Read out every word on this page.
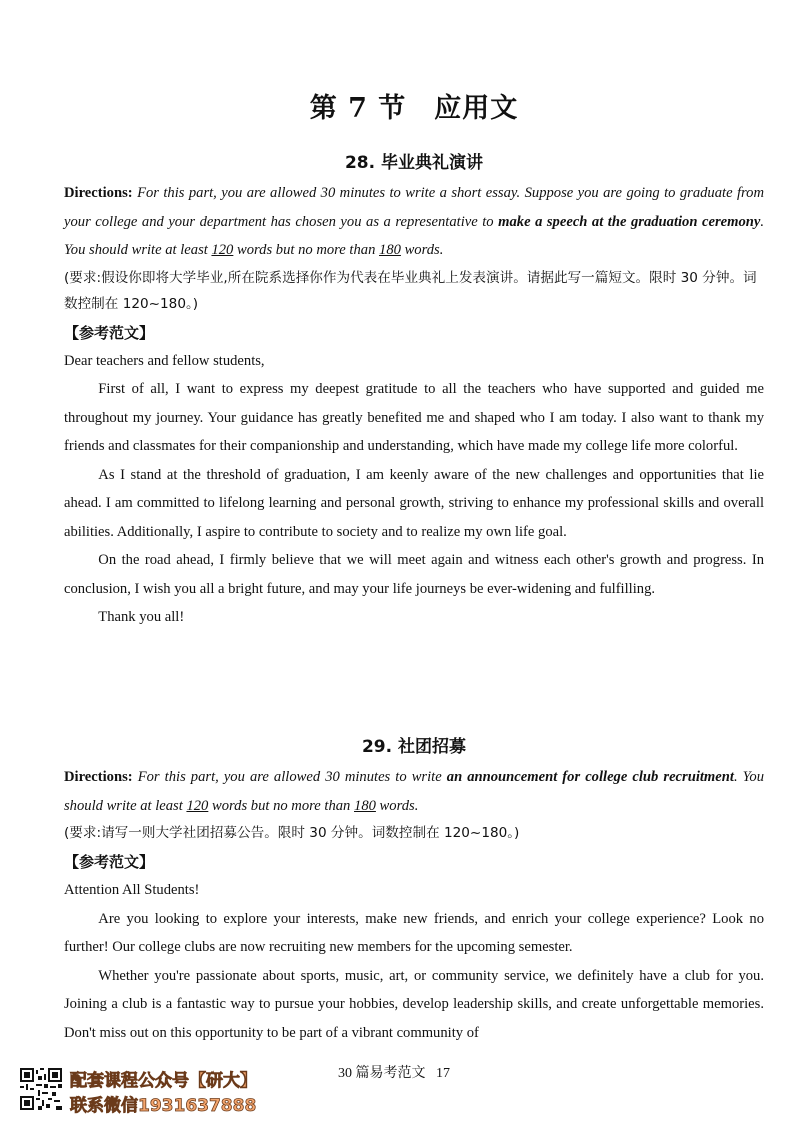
第 7 节　应用文
28. 毕业典礼演讲
Directions: For this part, you are allowed 30 minutes to write a short essay. Suppose you are going to graduate from your college and your department has chosen you as a representative to make a speech at the graduation ceremony. You should write at least 120 words but no more than 180 words.
(要求:假设你即将大学毕业,所在院系选择你作为代表在毕业典礼上发表演讲。请据此写一篇短文。限时 30 分钟。词数控制在 120~180。)
【参考范文】
Dear teachers and fellow students,
First of all, I want to express my deepest gratitude to all the teachers who have supported and guided me throughout my journey. Your guidance has greatly benefited me and shaped who I am today. I also want to thank my friends and classmates for their companionship and understanding, which have made my college life more colorful.
As I stand at the threshold of graduation, I am keenly aware of the new challenges and opportunities that lie ahead. I am committed to lifelong learning and personal growth, striving to enhance my professional skills and overall abilities. Additionally, I aspire to contribute to society and to realize my own life goal.
On the road ahead, I firmly believe that we will meet again and witness each other's growth and progress. In conclusion, I wish you all a bright future, and may your life journeys be ever-widening and fulfilling.
Thank you all!
29. 社团招募
Directions: For this part, you are allowed 30 minutes to write an announcement for college club recruitment. You should write at least 120 words but no more than 180 words.
(要求:请写一则大学社团招募公告。限时 30 分钟。词数控制在 120~180。)
【参考范文】
Attention All Students!
Are you looking to explore your interests, make new friends, and enrich your college experience? Look no further! Our college clubs are now recruiting new members for the upcoming semester.
Whether you're passionate about sports, music, art, or community service, we definitely have a club for you. Joining a club is a fantastic way to pursue your hobbies, develop leadership skills, and create unforgettable memories. Don't miss out on this opportunity to be part of a vibrant community of
30 篇易考范文 17
配套课程公众号【研大】
联系微信1931637888
